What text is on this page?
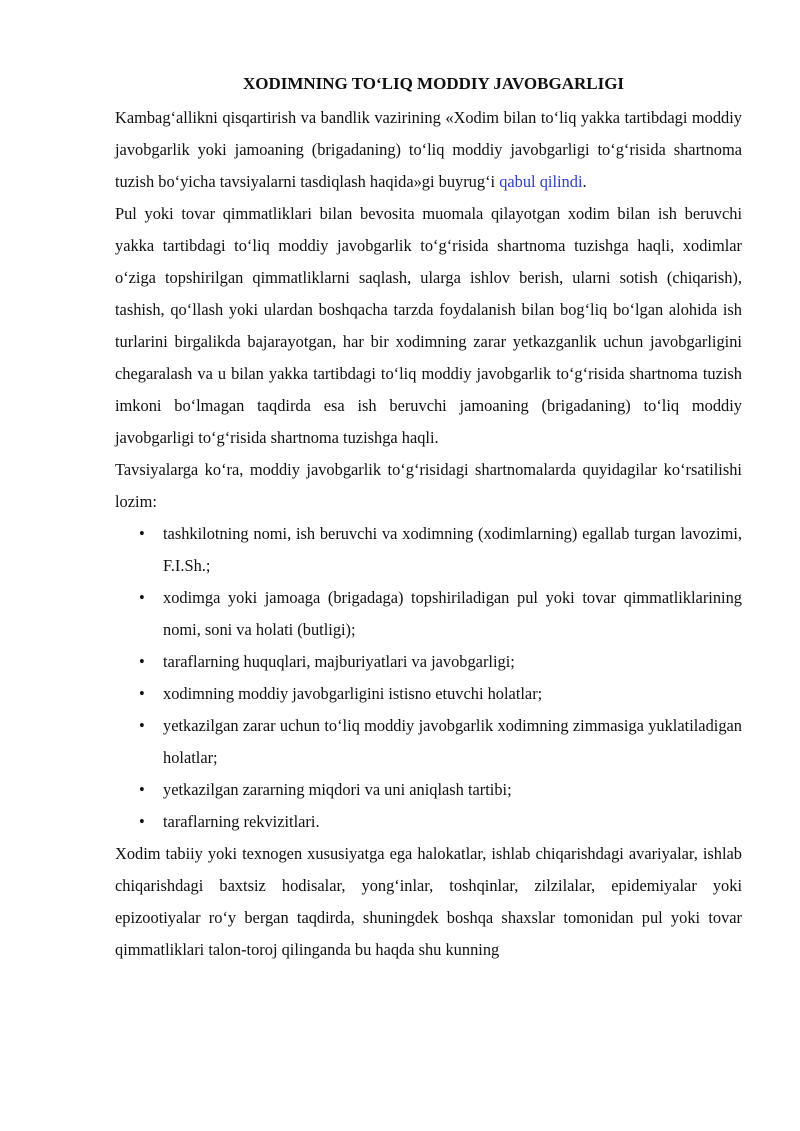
XODIMNING TO‘LIQ MODDIY JAVOBGARLIGI

Kambag‘allikni qisqartirish va bandlik vazirining «Xodim bilan to‘liq yakka tartibdagi moddiy javobgarlik yoki jamoaning (brigadaning) to‘liq moddiy javobgarligi to‘g‘risida shartnoma tuzish bo‘yicha tavsiyalarni tasdiqlash haqida»gi buyrug‘i qabul qilindi.

Pul yoki tovar qimmatliklari bilan bevosita muomala qilayotgan xodim bilan ish beruvchi yakka tartibdagi to‘liq moddiy javobgarlik to‘g‘risida shartnoma tuzishga haqli, xodimlar o‘ziga topshirilgan qimmatliklarni saqlash, ularga ishlov berish, ularni sotish (chiqarish), tashish, qo‘llash yoki ulardan boshqacha tarzda foydalanish bilan bog‘liq bo‘lgan alohida ish turlarini birgalikda bajarayotgan, har bir xodimning zarar yetkazganlik uchun javobgarligini chegaralash va u bilan yakka tartibdagi to‘liq moddiy javobgarlik to‘g‘risida shartnoma tuzish imkoni bo‘lmagan taqdirda esa ish beruvchi jamoaning (brigadaning) to‘liq moddiy javobgarligi to‘g‘risida shartnoma tuzishga haqli.

Tavsiyalarga ko‘ra, moddiy javobgarlik to‘g‘risidagi shartnomalarda quyidagilar ko‘rsatilishi lozim:

• tashkilotning nomi, ish beruvchi va xodimning (xodimlarning) egallab turgan lavozimi, F.I.Sh.;
• xodimga yoki jamoaga (brigadaga) topshiriladigan pul yoki tovar qimmatliklarining nomi, soni va holati (butligi);
• taraflarning huquqlari, majburiyatlari va javobgarligi;
• xodimning moddiy javobgarligini istisno etuvchi holatlar;
• yetkazilgan zarar uchun to‘liq moddiy javobgarlik xodimning zimmasiga yuklatiladigan holatlar;
• yetkazilgan zararning miqdori va uni aniqlash tartibi;
• taraflarning rekvizitlari.

Xodim tabiiy yoki texnogen xususiyatga ega halokatlar, ishlab chiqarishdagi avariyalar, ishlab chiqarishdagi baxtsiz hodisalar, yong‘inlar, toshqinlar, zilzilalar, epidemiyalar yoki epizootiyalar ro‘y bergan taqdirda, shuningdek boshqa shaxslar tomonidan pul yoki tovar qimmatliklari talon-toroj qilinganda bu haqda shu kunning
